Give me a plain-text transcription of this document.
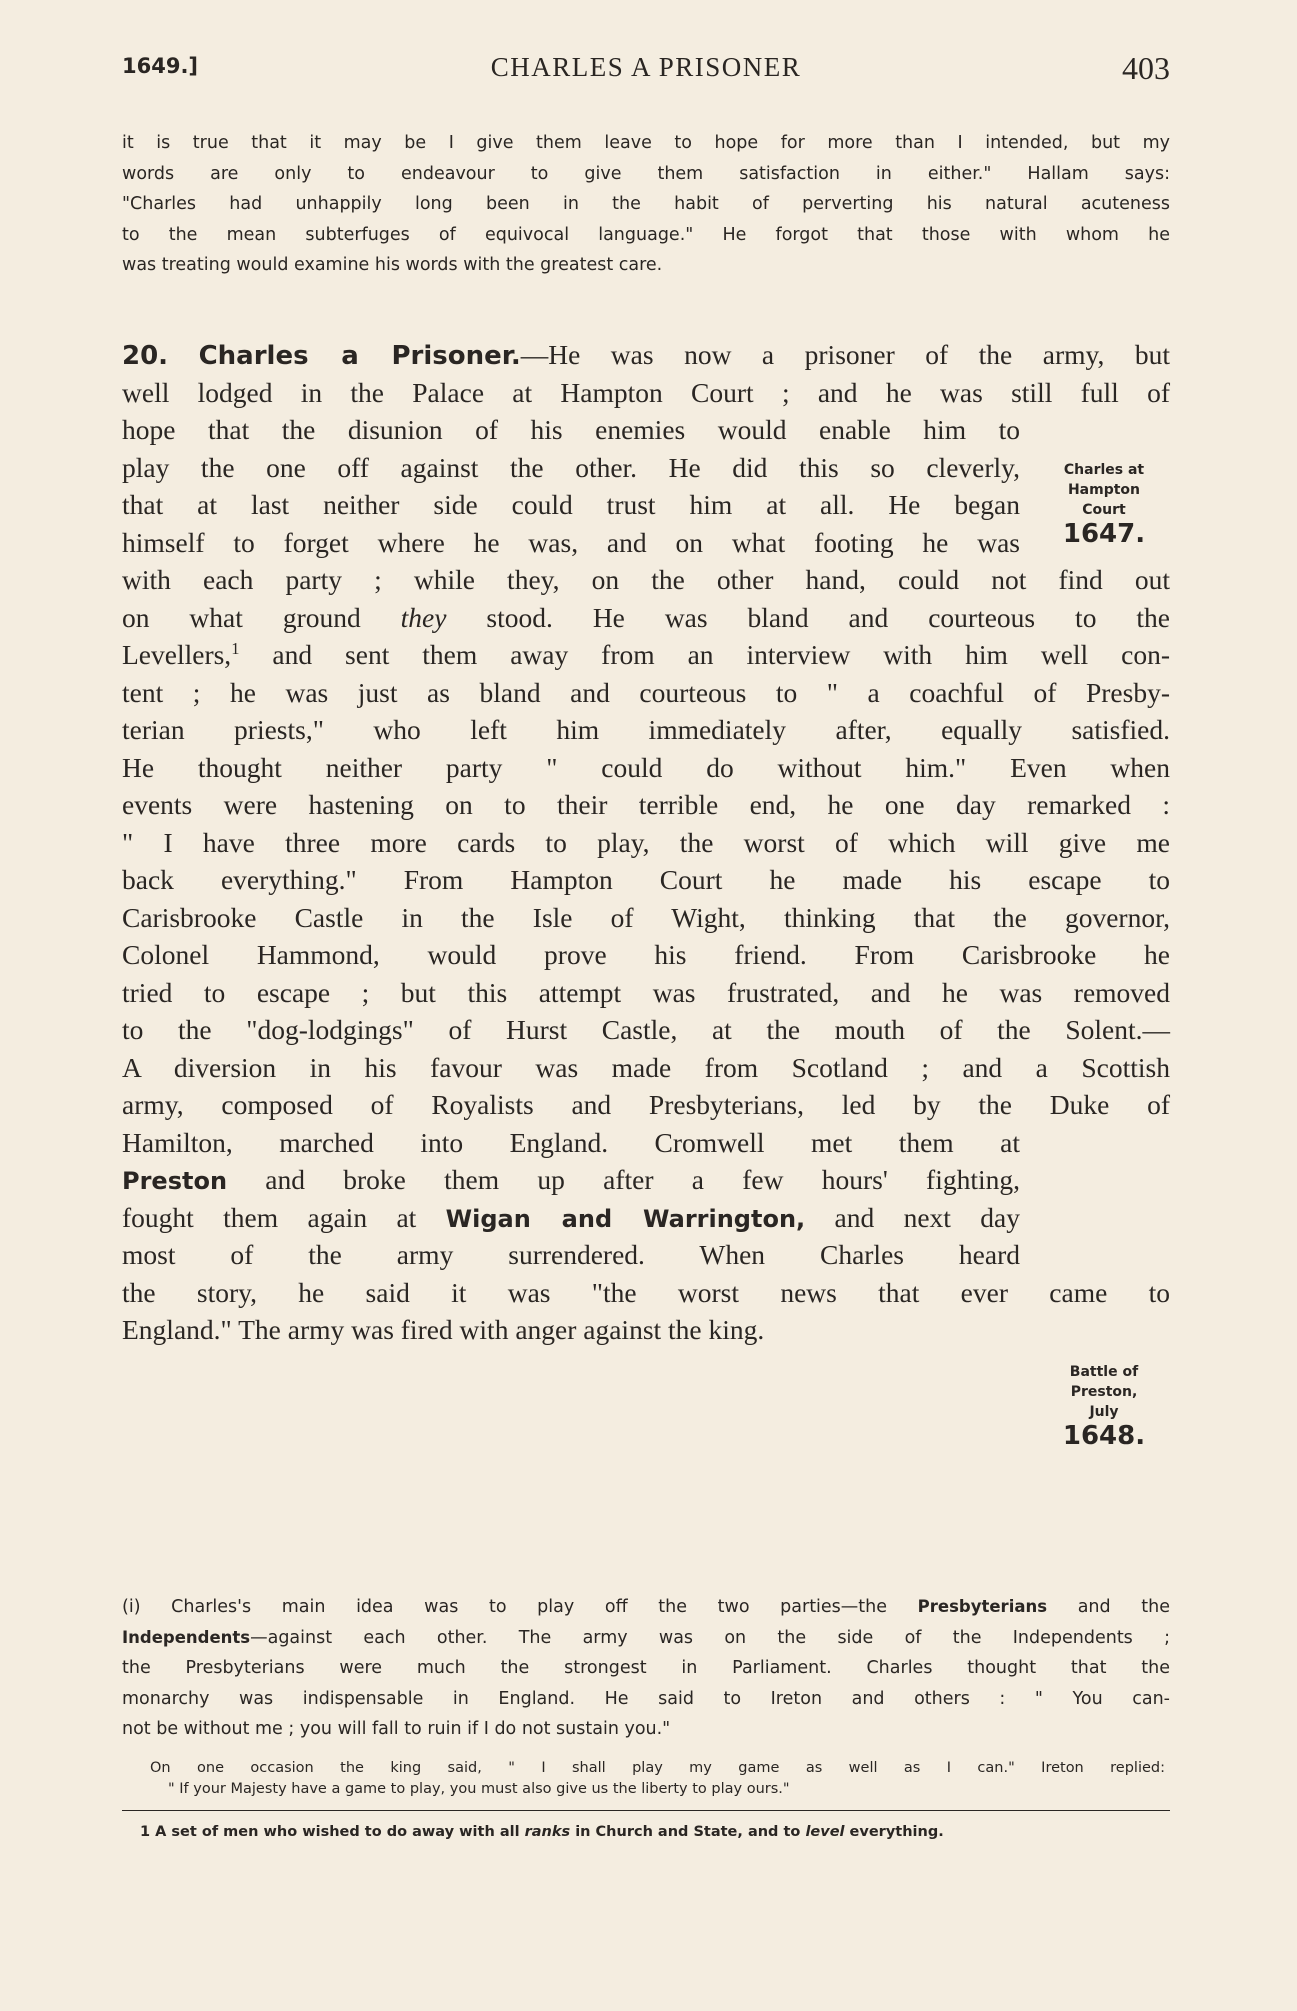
1649.]	CHARLES A PRISONER	403
it is true that it may be I give them leave to hope for more than I intended, but my
words are only to endeavour to give them satisfaction in either." Hallam says:
"Charles had unhappily long been in the habit of perverting his natural acuteness
to the mean subterfuges of equivocal language." He forgot that those with whom he
was treating would examine his words with the greatest care.
20. Charles a Prisoner.—He was now a prisoner of the army, but
well lodged in the Palace at Hampton Court ; and he was still full of
hope that the disunion of his enemies would enable him to
play the one off against the other. He did this so cleverly,
that at last neither side could trust him at all. He began
himself to forget where he was, and on what footing he was
with each party ; while they, on the other hand, could not find out
on what ground they stood. He was bland and courteous to the
Levellers,$^1$ and sent them away from an interview with him well con-
tent ; he was just as bland and courteous to " a coachful of Presby-
terian priests," who left him immediately after, equally satisfied.
He thought neither party " could do without him." Even when
events were hastening on to their terrible end, he one day remarked :
" I have three more cards to play, the worst of which will give me
back everything." From Hampton Court he made his escape to
Carisbrooke Castle in the Isle of Wight, thinking that the governor,
Colonel Hammond, would prove his friend. From Carisbrooke he
tried to escape ; but this attempt was frustrated, and he was removed
to the "dog-lodgings" of Hurst Castle, at the mouth of the Solent.—
A diversion in his favour was made from Scotland ; and a Scottish
army, composed of Royalists and Presbyterians, led by the Duke of
Hamilton, marched into England. Cromwell met them at
Preston and broke them up after a few hours' fighting,
fought them again at Wigan and Warrington, and next day
most of the army surrendered. When Charles heard
the story, he said it was "the worst news that ever came to
England." The army was fired with anger against the king.
Charles at
Hampton
Court
1647.
Battle of
Preston,
July
1648.
(i) Charles's main idea was to play off the two parties—the Presbyterians and the
Independents—against each other. The army was on the side of the Independents ;
the Presbyterians were much the strongest in Parliament. Charles thought that the
monarchy was indispensable in England. He said to Ireton and others : " You can-
not be without me ; you will fall to ruin if I do not sustain you."
On one occasion the king said, " I shall play my game as well as I can." Ireton replied:
" If your Majesty have a game to play, you must also give us the liberty to play ours."
1 A set of men who wished to do away with all ranks in Church and State, and to level everything.
